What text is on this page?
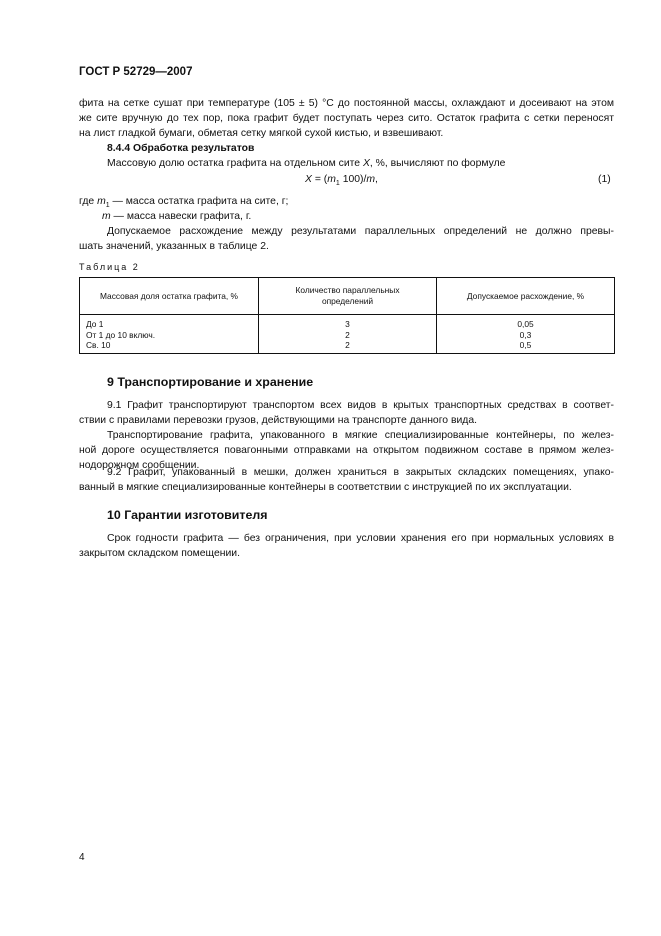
ГОСТ Р 52729—2007
фита на сетке сушат при температуре (105 ± 5) °С до постоянной массы, охлаждают и досеивают на этом
же сите вручную до тех пор, пока графит будет поступать через сито. Остаток графита с сетки переносят
на лист гладкой бумаги, обметая сетку мягкой сухой кистью, и взвешивают.
8.4.4 Обработка результатов
Массовую долю остатка графита на отдельном сите X, %, вычисляют по формуле
$X = (m_1$ 100)/m,	(1)
где $m_1$ — масса остатка графита на сите, г;
m — масса навески графита, г.
Допускаемое расхождение между результатами параллельных определений не должно превы-
шать значений, указанных в таблице 2.
Таблица 2
Массовая доля остатка графита, %	Количество параллельных
определений	Допускаемое расхождение, %
До 1	3	0,05
От 1 до 10 включ.	2	0,3
Св. 10	2	0,5
9 Транспортирование и хранение
9.1 Графит транспортируют транспортом всех видов в крытых транспортных средствах в соответ-
ствии с правилами перевозки грузов, действующими на транспорте данного вида.
Транспортирование графита, упакованного в мягкие специализированные контейнеры, по желез-
ной дороге осуществляется повагонными отправками на открытом подвижном составе в прямом желез-
нодорожном сообщении.
9.2 Графит, упакованный в мешки, должен храниться в закрытых складских помещениях, упако-
ванный в мягкие специализированные контейнеры в соответствии с инструкцией по их эксплуатации.
10 Гарантии изготовителя
Срок годности графита — без ограничения, при условии хранения его при нормальных условиях в
закрытом складском помещении.
4
